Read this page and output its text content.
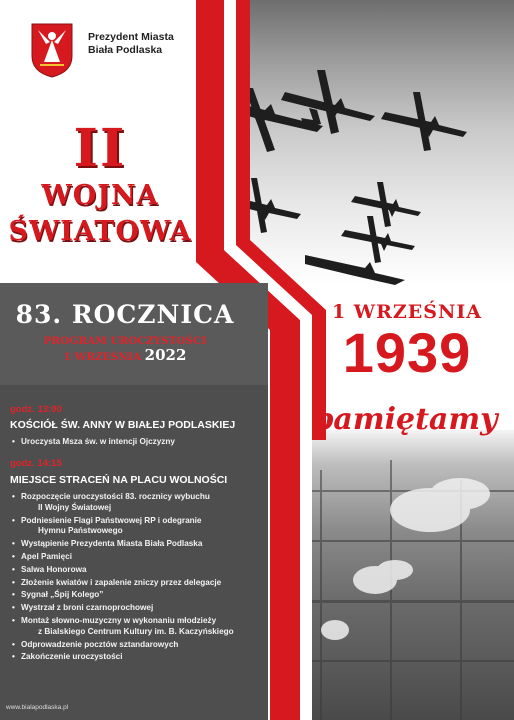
Prezydent Miasta
Biała Podlaska
II
WOJNA
ŚWIATOWA
83. ROCZNICA
PROGRAM UROCZYSTOŚCI
1 WRZEŚNIA 2022
godz. 13:00
KOŚCIÓŁ ŚW. ANNY W BIAŁEJ PODLASKIEJ
• Uroczysta Msza św. w intencji Ojczyzny
godz. 14:15
MIEJSCE STRACEŃ NA PLACU WOLNOŚCI
• Rozpoczęcie uroczystości 83. rocznicy wybuchu
II Wojny Światowej
• Podniesienie Flagi Państwowej RP i odegranie
Hymnu Państwowego
• Wystąpienie Prezydenta Miasta Biała Podlaska
• Apel Pamięci
• Salwa Honorowa
• Złożenie kwiatów i zapalenie zniczy przez delegacje
• Sygnał „Śpij Kolego”
• Wystrzał z broni czarnoprochowej
• Montaż słowno-muzyczny w wykonaniu młodzieży
z Bialskiego Centrum Kultury im. B. Kaczyńskiego
• Odprowadzenie pocztów sztandarowych
• Zakończenie uroczystości
www.bialapodlaska.pl
1 WRZEŚNIA
1939
pamiętamy
